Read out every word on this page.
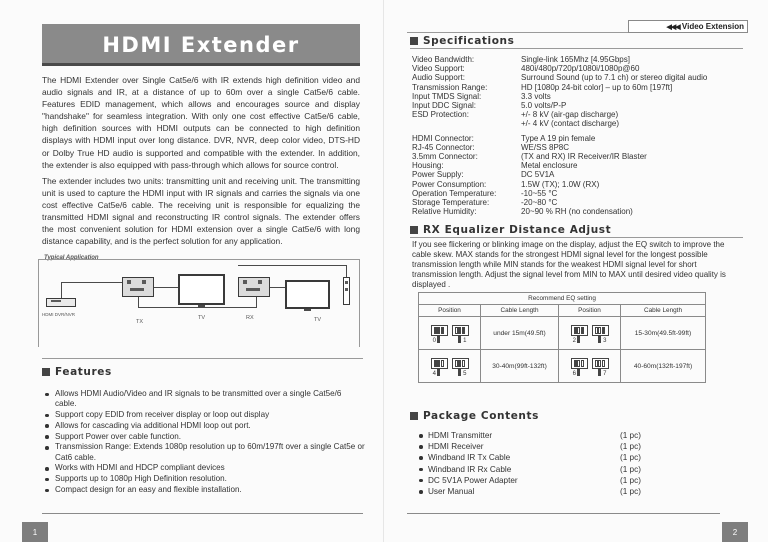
HDMI Extender

The HDMI Extender over Single Cat5e/6 with IR extends high definition video and audio signals and IR, at a distance of up to 60m over a single Cat5e/6 cable. Features EDID management, which allows and encourages source and display "handshake" for seamless integration. With only one cost effective Cat5e/6 cable, high definition sources with HDMI outputs can be connected to high definition displays with HDMI input over long distance. DVR, NVR, deep color video, DTS-HD or Dolby True HD audio is supported and compatible with the extender. In addition, the extender is also equipped with pass-through which allows for source control.

The extender includes two units: transmitting unit and receiving unit. The transmitting unit is used to capture the HDMI input with IR signals and carries the signals via one cost effective Cat5e/6 cable. The receiving unit is responsible for equalizing the transmitted HDMI signal and reconstructing IR control signals. The extender offers the most convenient solution for HDMI extension over a single Cat5e/6 with long distance capability, and is the perfect solution for any application.

Typical Application
HDMI DVR/NVR
TX
TV	RX	TV
Features
Allows HDMI Audio/Video and IR signals to be transmitted over a single Cat5e/6 cable.
Support copy EDID from receiver display or loop out display
Allows for cascading via additional HDMI loop out port.
Support Power over cable function.
Transmission Range: Extends 1080p resolution up to 60m/197ft over a single Cat5e or Cat6 cable.
Works with HDMI and HDCP compliant devices
Supports up to 1080p High Definition resolution.
Compact design for an easy and flexible installation.
1
◀◀◀ Video Extension
Specifications
Video Bandwidth:	Single-link 165Mhz [4.95Gbps]
Video Support:	480i/480p/720p/1080i/1080p@60
Audio Support:	Surround Sound (up to 7.1 ch) or stereo digital audio
Transmission Range:	HD [1080p 24-bit color] – up to 60m [197ft]
Input TMDS Signal:	3.3 volts
Input DDC Signal:	5.0 volts/P-P
ESD Protection:	+/- 8 kV (air-gap discharge)
+/- 4 kV (contact discharge)
HDMI Connector:	Type A 19 pin female
RJ-45 Connector:	WE/SS 8P8C
3.5mm Connector:	(TX and RX) IR Receiver/IR Blaster
Housing:	Metal enclosure
Power Supply:	DC 5V1A
Power Consumption:	1.5W (TX); 1.0W (RX)
Operation Temperature:	-10~55 °C
Storage Temperature:	-20~80 °C
Relative Humidity:	20~90 % RH (no condensation)
RX Equalizer Distance Adjust
If you see flickering or blinking image on the display, adjust the EQ switch to improve the cable skew. MAX stands for the strongest HDMI signal level for the longest possible transmission length while MIN stands for the weakest HDMI signal level for short transmission length. Adjust the signal level from MIN to MAX until desired video quality is displayed .
Recommend EQ setting			
Position	Cable Length	Position	Cable Length

0 1	under 15m(49.5ft)	2 3	15-30m(49.5ft-99ft)

4 5	30-40m(99ft-132ft)	6 7	40-60m(132ft-197ft)
Package Contents
HDMI Transmitter	(1 pc)
HDMI Receiver	(1 pc)
Windband IR Tx Cable	(1 pc)
Windband IR Rx Cable	(1 pc)
DC 5V1A Power Adapter	(1 pc)
User Manual	(1 pc)
2
